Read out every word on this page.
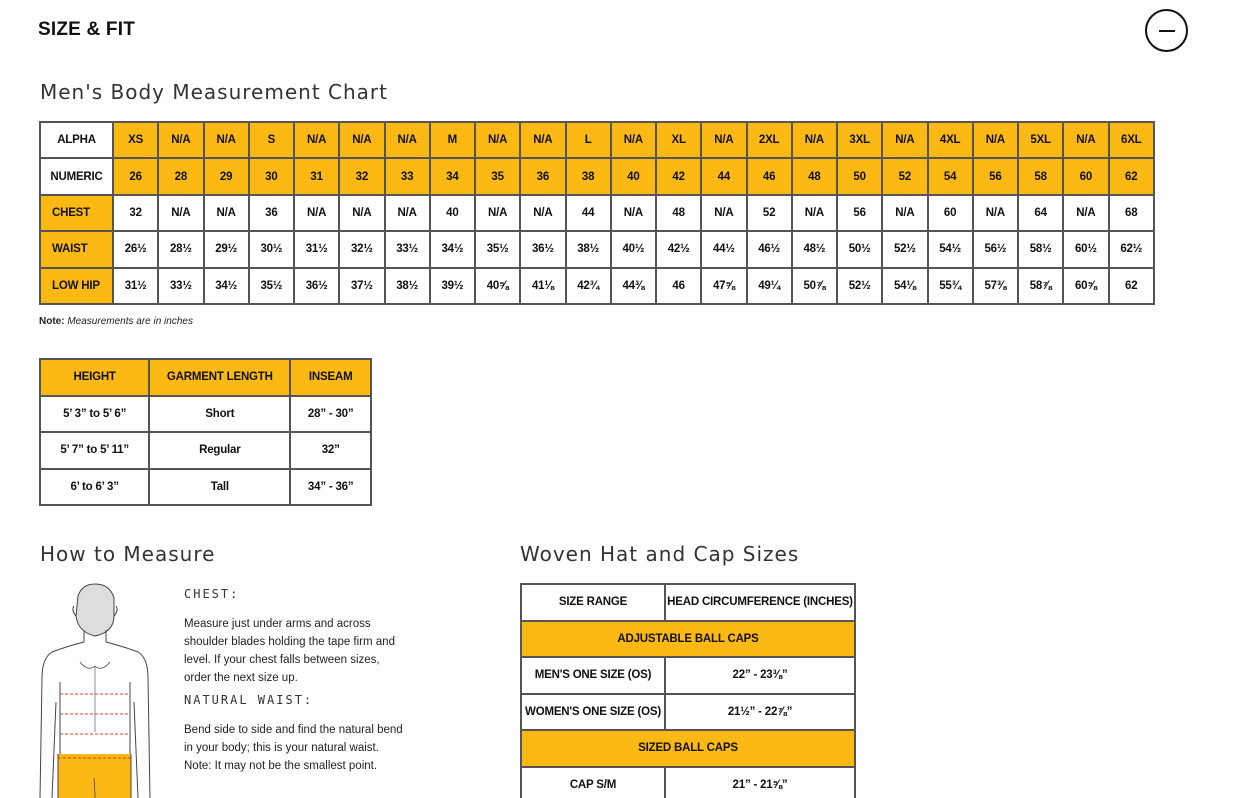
SIZE & FIT
Men's Body Measurement Chart
ALPHA	XS	N/A	N/A	S	N/A	N/A	N/A	M	N/A	N/A	L	N/A	XL	N/A	2XL	N/A	3XL	N/A	4XL	N/A	5XL	N/A	6XL
NUMERIC	26	28	29	30	31	32	33	34	35	36	38	40	42	44	46	48	50	52	54	56	58	60	62
CHEST	32	N/A	N/A	36	N/A	N/A	N/A	40	N/A	N/A	44	N/A	48	N/A	52	N/A	56	N/A	60	N/A	64	N/A	68
WAIST	26½	28½	29½	30½	31½	32½	33½	34½	35½	36½	38½	40½	42½	44½	46½	48½	50½	52½	54½	56½	58½	60½	62½
LOW HIP	31½	33½	34½	35½	36½	37½	38½	39½	40⅝	41⅛	42¾	44⅜	46	47⅝	49¼	50⅞	52½	54⅛	55¾	57⅜	58⅞	60⅝	62
Note: Measurements are in inches
HEIGHT	GARMENT LENGTH	INSEAM
5’ 3” to 5’ 6”	Short	28” - 30”
5’ 7” to 5’ 11”	Regular	32”
6’ to 6’ 3”	Tall	34” - 36”
How to Measure
CHEST:
Measure just under arms and across shoulder blades holding the tape firm and level. If your chest falls between sizes, order the next size up.
NATURAL WAIST:
Bend side to side and find the natural bend in your body; this is your natural waist. Note: It may not be the smallest point.
Woven Hat and Cap Sizes
SIZE RANGE	HEAD CIRCUMFERENCE (INCHES)
ADJUSTABLE BALL CAPS	
MEN'S ONE SIZE (OS)	22” - 23⅜”
WOMEN'S ONE SIZE (OS)	21½” - 22⅞”
SIZED BALL CAPS	
CAP S/M	21” - 21⅝”
